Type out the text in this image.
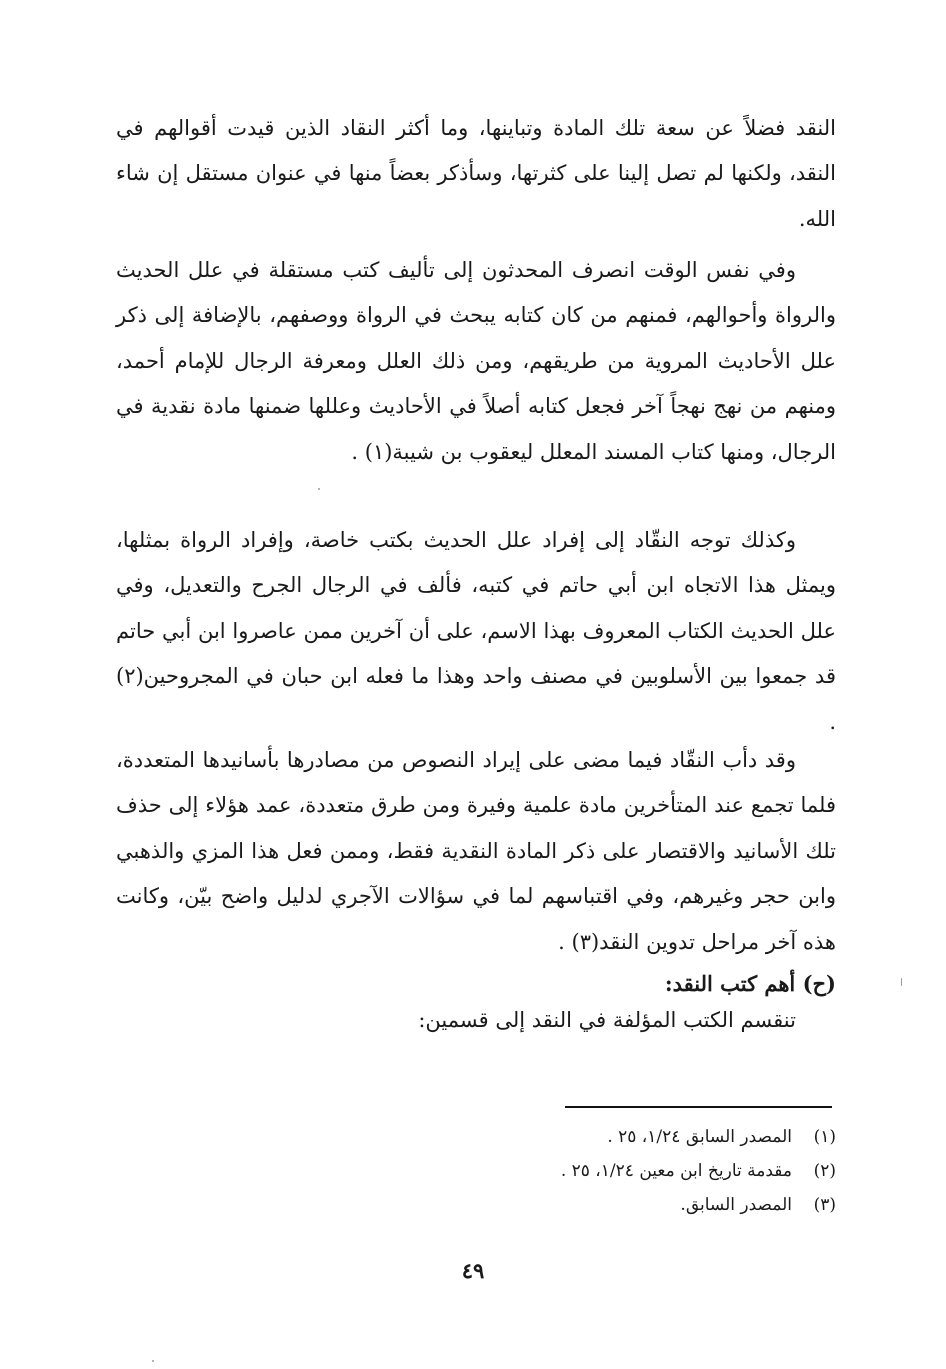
النقد فضلاً عن سعة تلك المادة وتباينها، وما أكثر النقاد الذين قيدت أقوالهم في النقد، ولكنها لم تصل إلينا على كثرتها، وسأذكر بعضاً منها في عنوان مستقل إن شاء الله.

وفي نفس الوقت انصرف المحدثون إلى تأليف كتب مستقلة في علل الحديث والرواة وأحوالهم، فمنهم من كان كتابه يبحث في الرواة ووصفهم، بالإضافة إلى ذكر علل الأحاديث المروية من طريقهم، ومن ذلك العلل ومعرفة الرجال للإمام أحمد، ومنهم من نهج نهجاً آخر فجعل كتابه أصلاً في الأحاديث وعللها ضمنها مادة نقدية في الرجال، ومنها كتاب المسند المعلل ليعقوب بن شيبة(١) .

وكذلك توجه النقّاد إلى إفراد علل الحديث بكتب خاصة، وإفراد الرواة بمثلها، ويمثل هذا الاتجاه ابن أبي حاتم في كتبه، فألف في الرجال الجرح والتعديل، وفي علل الحديث الكتاب المعروف بهذا الاسم، على أن آخرين ممن عاصروا ابن أبي حاتم قد جمعوا بين الأسلوبين في مصنف واحد وهذا ما فعله ابن حبان في المجروحين(٢) .

وقد دأب النقّاد فيما مضى على إيراد النصوص من مصادرها بأسانيدها المتعددة، فلما تجمع عند المتأخرين مادة علمية وفيرة ومن طرق متعددة، عمد هؤلاء إلى حذف تلك الأسانيد والاقتصار على ذكر المادة النقدية فقط، وممن فعل هذا المزي والذهبي وابن حجر وغيرهم، وفي اقتباسهم لما في سؤالات الآجري لدليل واضح بيّن، وكانت هذه آخر مراحل تدوين النقد(٣) .

(ح) أهم كتب النقد:
تنقسم الكتب المؤلفة في النقد إلى قسمين:
(١)
المصدر السابق ١/٢٤، ٢٥ .
(٢)
مقدمة تاريخ ابن معين ١/٢٤، ٢٥ .
(٣)
المصدر السابق.
٤٩
